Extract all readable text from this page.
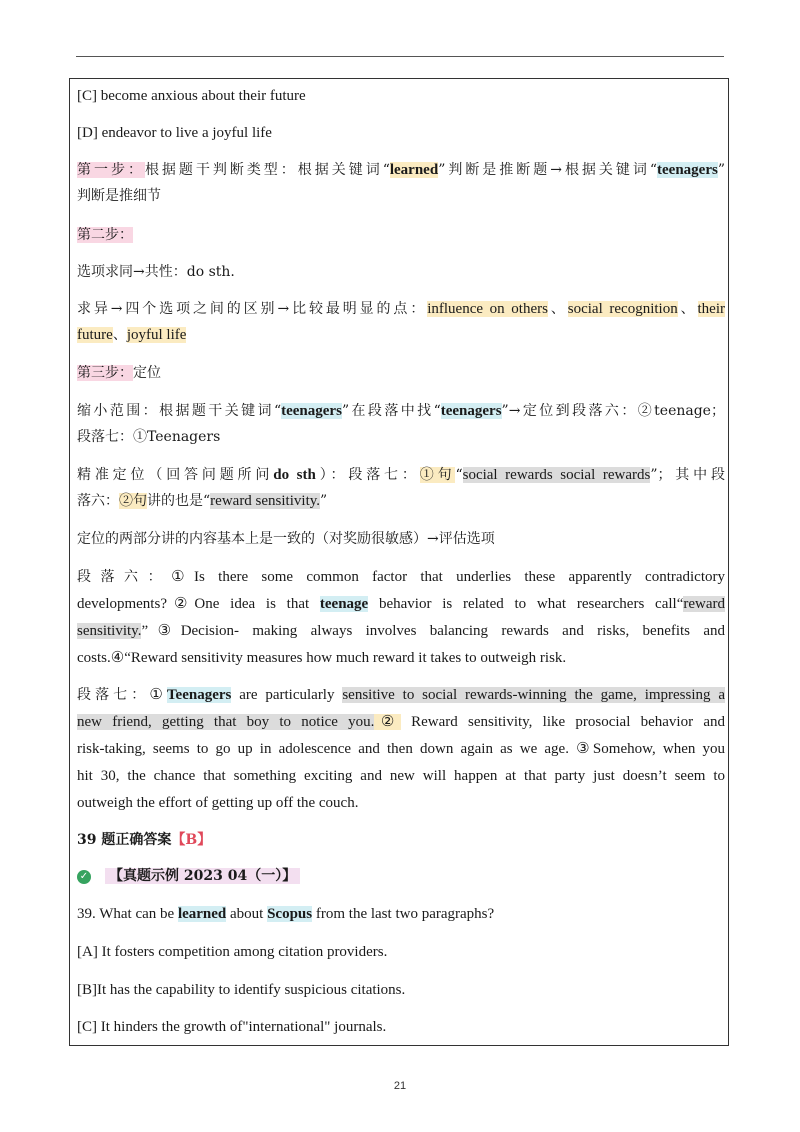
[C] become anxious about their future
[D] endeavor to live a joyful life
第一步：根据题干判断类型：根据关键词“learned”判断是推断题→根据关键词“teenagers”
判断是推细节
第二步：
选项求同→共性：do sth.
求异→四个选项之间的区别→比较最明显的点：influence on others、social recognition、their
future、joyful life
第三步：定位
缩小范围：根据题干关键词“teenagers”在段落中找“teenagers”→定位到段落六：②teenage；
段落七：①Teenagers
精准定位（回答问题所问do sth）：段落七：①句“social rewards social rewards”；其中段
落六：②句讲的也是“reward sensitivity.”
定位的两部分讲的内容基本上是一致的（对奖励很敏感）→评估选项
段落六：①Is there some common factor that underlies these apparently contradictory
developments?②One idea is that teenage behavior is related to what researchers call“reward
sensitivity.”③Decision- making always involves balancing rewards and risks, benefits and
costs.④“Reward sensitivity measures how much reward it takes to outweigh risk.
段落七：①Teenagers are particularly sensitive to social rewards-winning the game, impressing a
new friend, getting that boy to notice you.② Reward sensitivity, like prosocial behavior and
risk-taking, seems to go up in adolescence and then down again as we age. ③Somehow, when you
hit 30, the chance that something exciting and new will happen at that party just doesn’t seem to
outweigh the effort of getting up off the couch.
39 题正确答案【B】
✓ 【真题示例 2023 04（一）】
39. What can be learned about Scopus from the last two paragraphs?
[A] It fosters competition among citation providers.
[B]It has the capability to identify suspicious citations.
[C] It hinders the growth of"international" journals.
21
